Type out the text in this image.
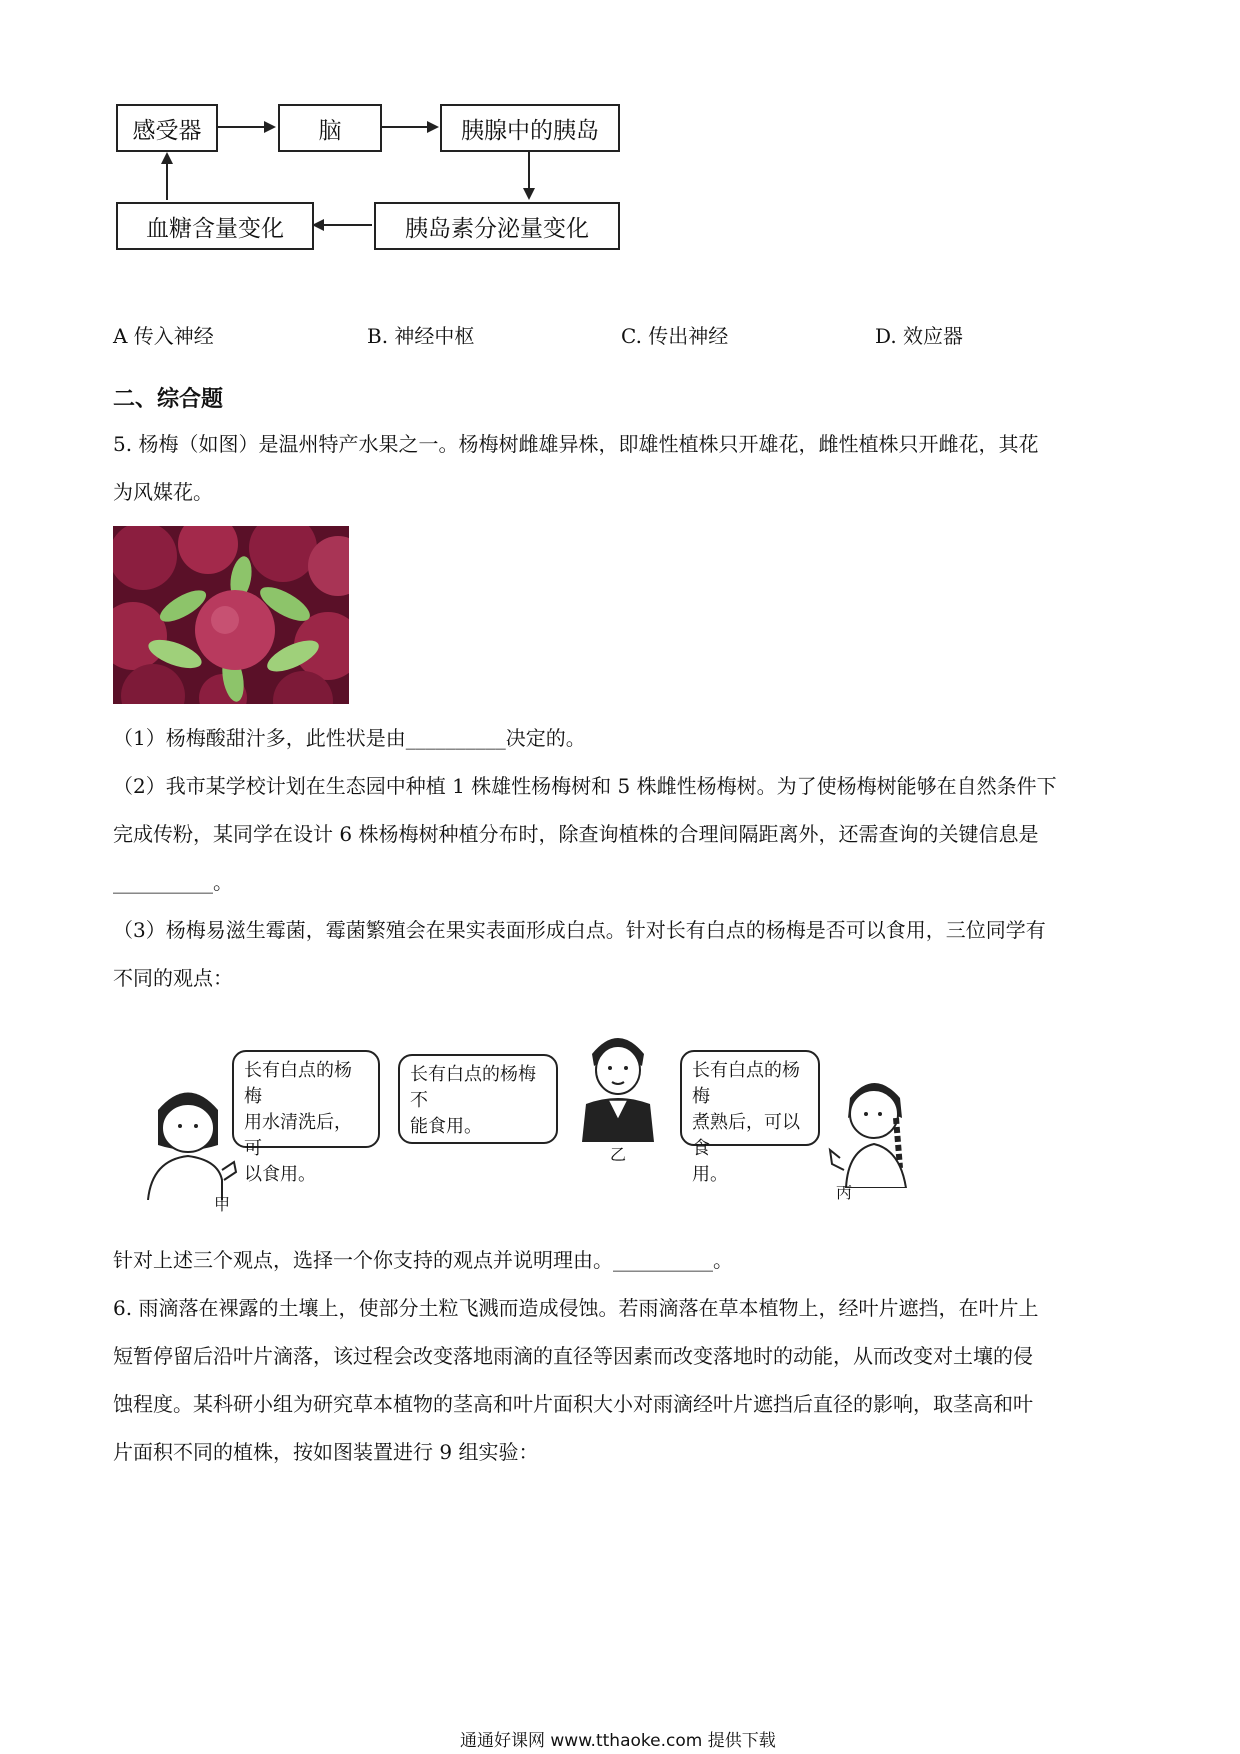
感受器	脑	胰腺中的胰岛
胰岛素分泌量变化
血糖含量变化
A 传入神经	B. 神经中枢	C. 传出神经	D. 效应器
二、综合题
5. 杨梅（如图）是温州特产水果之一。杨梅树雌雄异株，即雄性植株只开雄花，雌性植株只开雌花，其花
为风媒花。
（1）杨梅酸甜汁多，此性状是由__________决定的。
（2）我市某学校计划在生态园中种植 1 株雄性杨梅树和 5 株雌性杨梅树。为了使杨梅树能够在自然条件下
完成传粉，某同学在设计 6 株杨梅树种植分布时，除查询植株的合理间隔距离外，还需查询的关键信息是
__________。
（3）杨梅易滋生霉菌，霉菌繁殖会在果实表面形成白点。针对长有白点的杨梅是否可以食用，三位同学有
不同的观点：
长有白点的杨梅
用水清洗后，可
以食用。
甲
长有白点的杨梅不
能食用。
乙
长有白点的杨梅
煮熟后，可以食
用。
丙
针对上述三个观点，选择一个你支持的观点并说明理由。__________。
6. 雨滴落在裸露的土壤上，使部分土粒飞溅而造成侵蚀。若雨滴落在草本植物上，经叶片遮挡，在叶片上
短暂停留后沿叶片滴落，该过程会改变落地雨滴的直径等因素而改变落地时的动能，从而改变对土壤的侵
蚀程度。某科研小组为研究草本植物的茎高和叶片面积大小对雨滴经叶片遮挡后直径的影响，取茎高和叶
片面积不同的植株，按如图装置进行 9 组实验：
通通好课网 www.tthaoke.com 提供下载
